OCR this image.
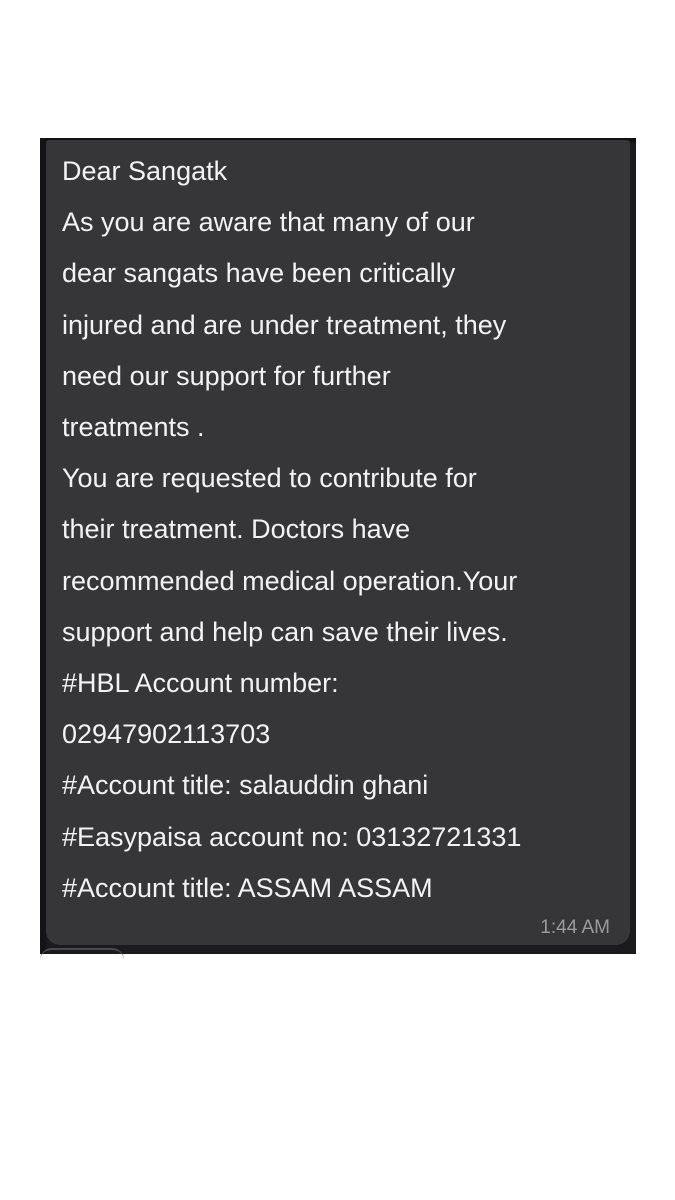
Dear Sangatk
As you are aware that many of our
dear sangats have been critically
injured and are under treatment, they
need our support for further
treatments .
You are requested to contribute for
their treatment. Doctors have
recommended medical operation.Your
support and help can save their lives.
#HBL Account number:
02947902113703
#Account title: salauddin ghani
#Easypaisa account no: 03132721331
#Account title: ASSAM ASSAM
1:44 AM
